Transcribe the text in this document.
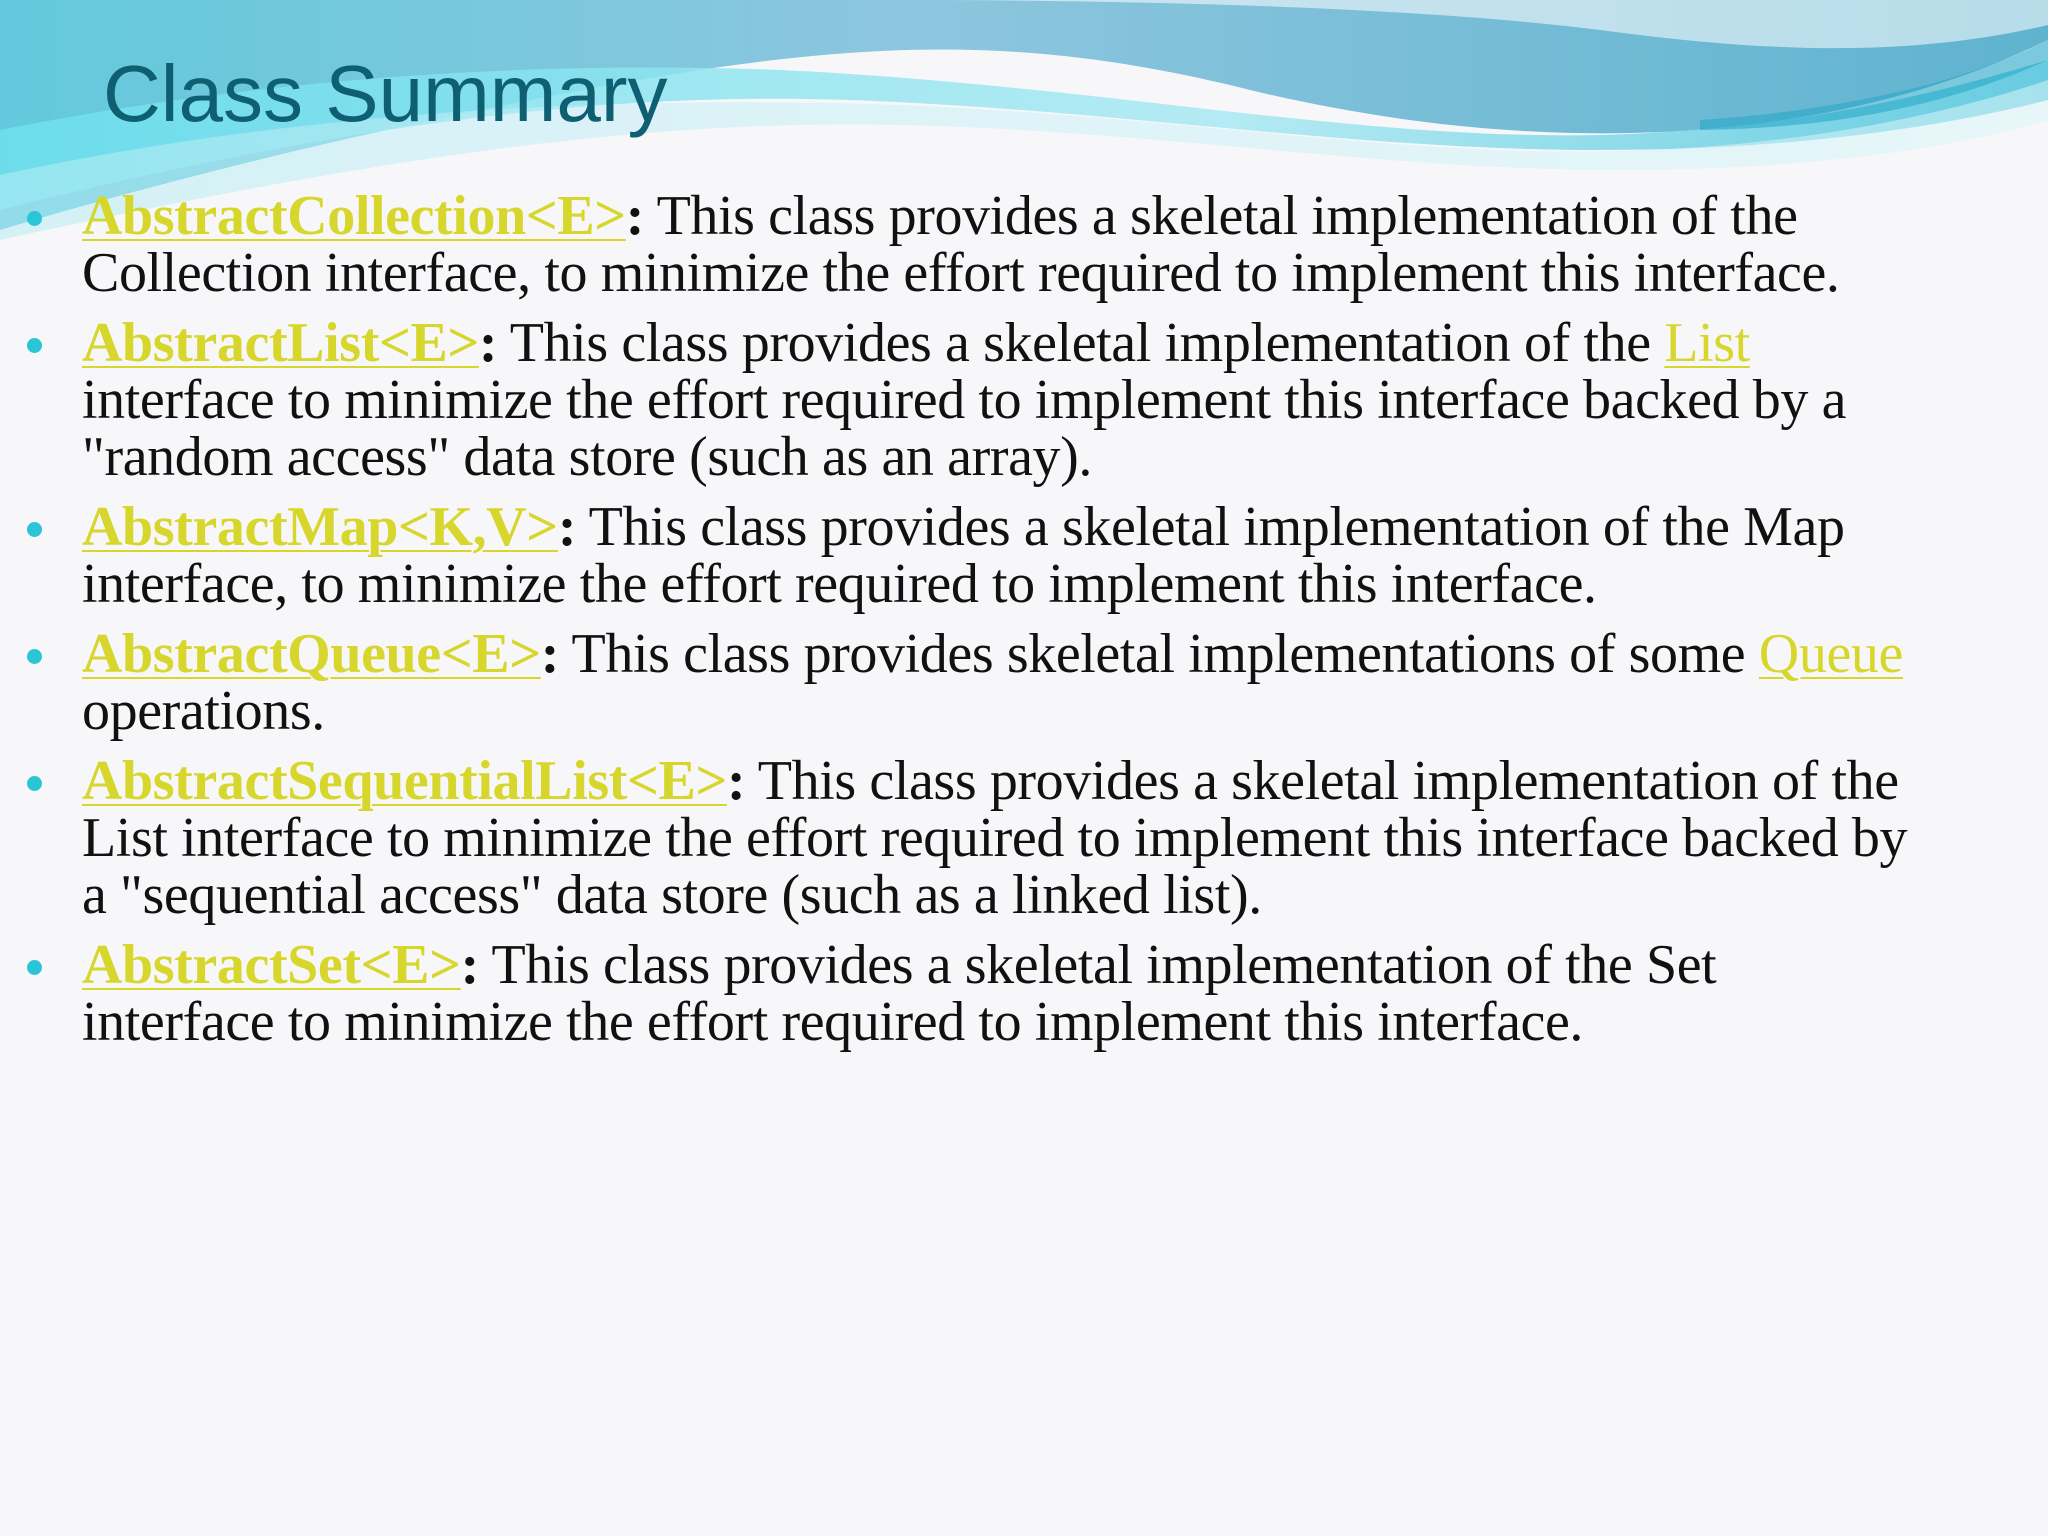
Class Summary
AbstractCollection<E>: This class provides a skeletal implementation of the Collection interface, to minimize the effort required to implement this interface.
AbstractList<E>: This class provides a skeletal implementation of the List interface to minimize the effort required to implement this interface backed by a "random access" data store (such as an array).
AbstractMap<K,V>: This class provides a skeletal implementation of the Map interface, to minimize the effort required to implement this interface.
AbstractQueue<E>: This class provides skeletal implementations of some Queue operations.
AbstractSequentialList<E>: This class provides a skeletal implementation of the List interface to minimize the effort required to implement this interface backed by a "sequential access" data store (such as a linked list).
AbstractSet<E>: This class provides a skeletal implementation of the Set interface to minimize the effort required to implement this interface.
